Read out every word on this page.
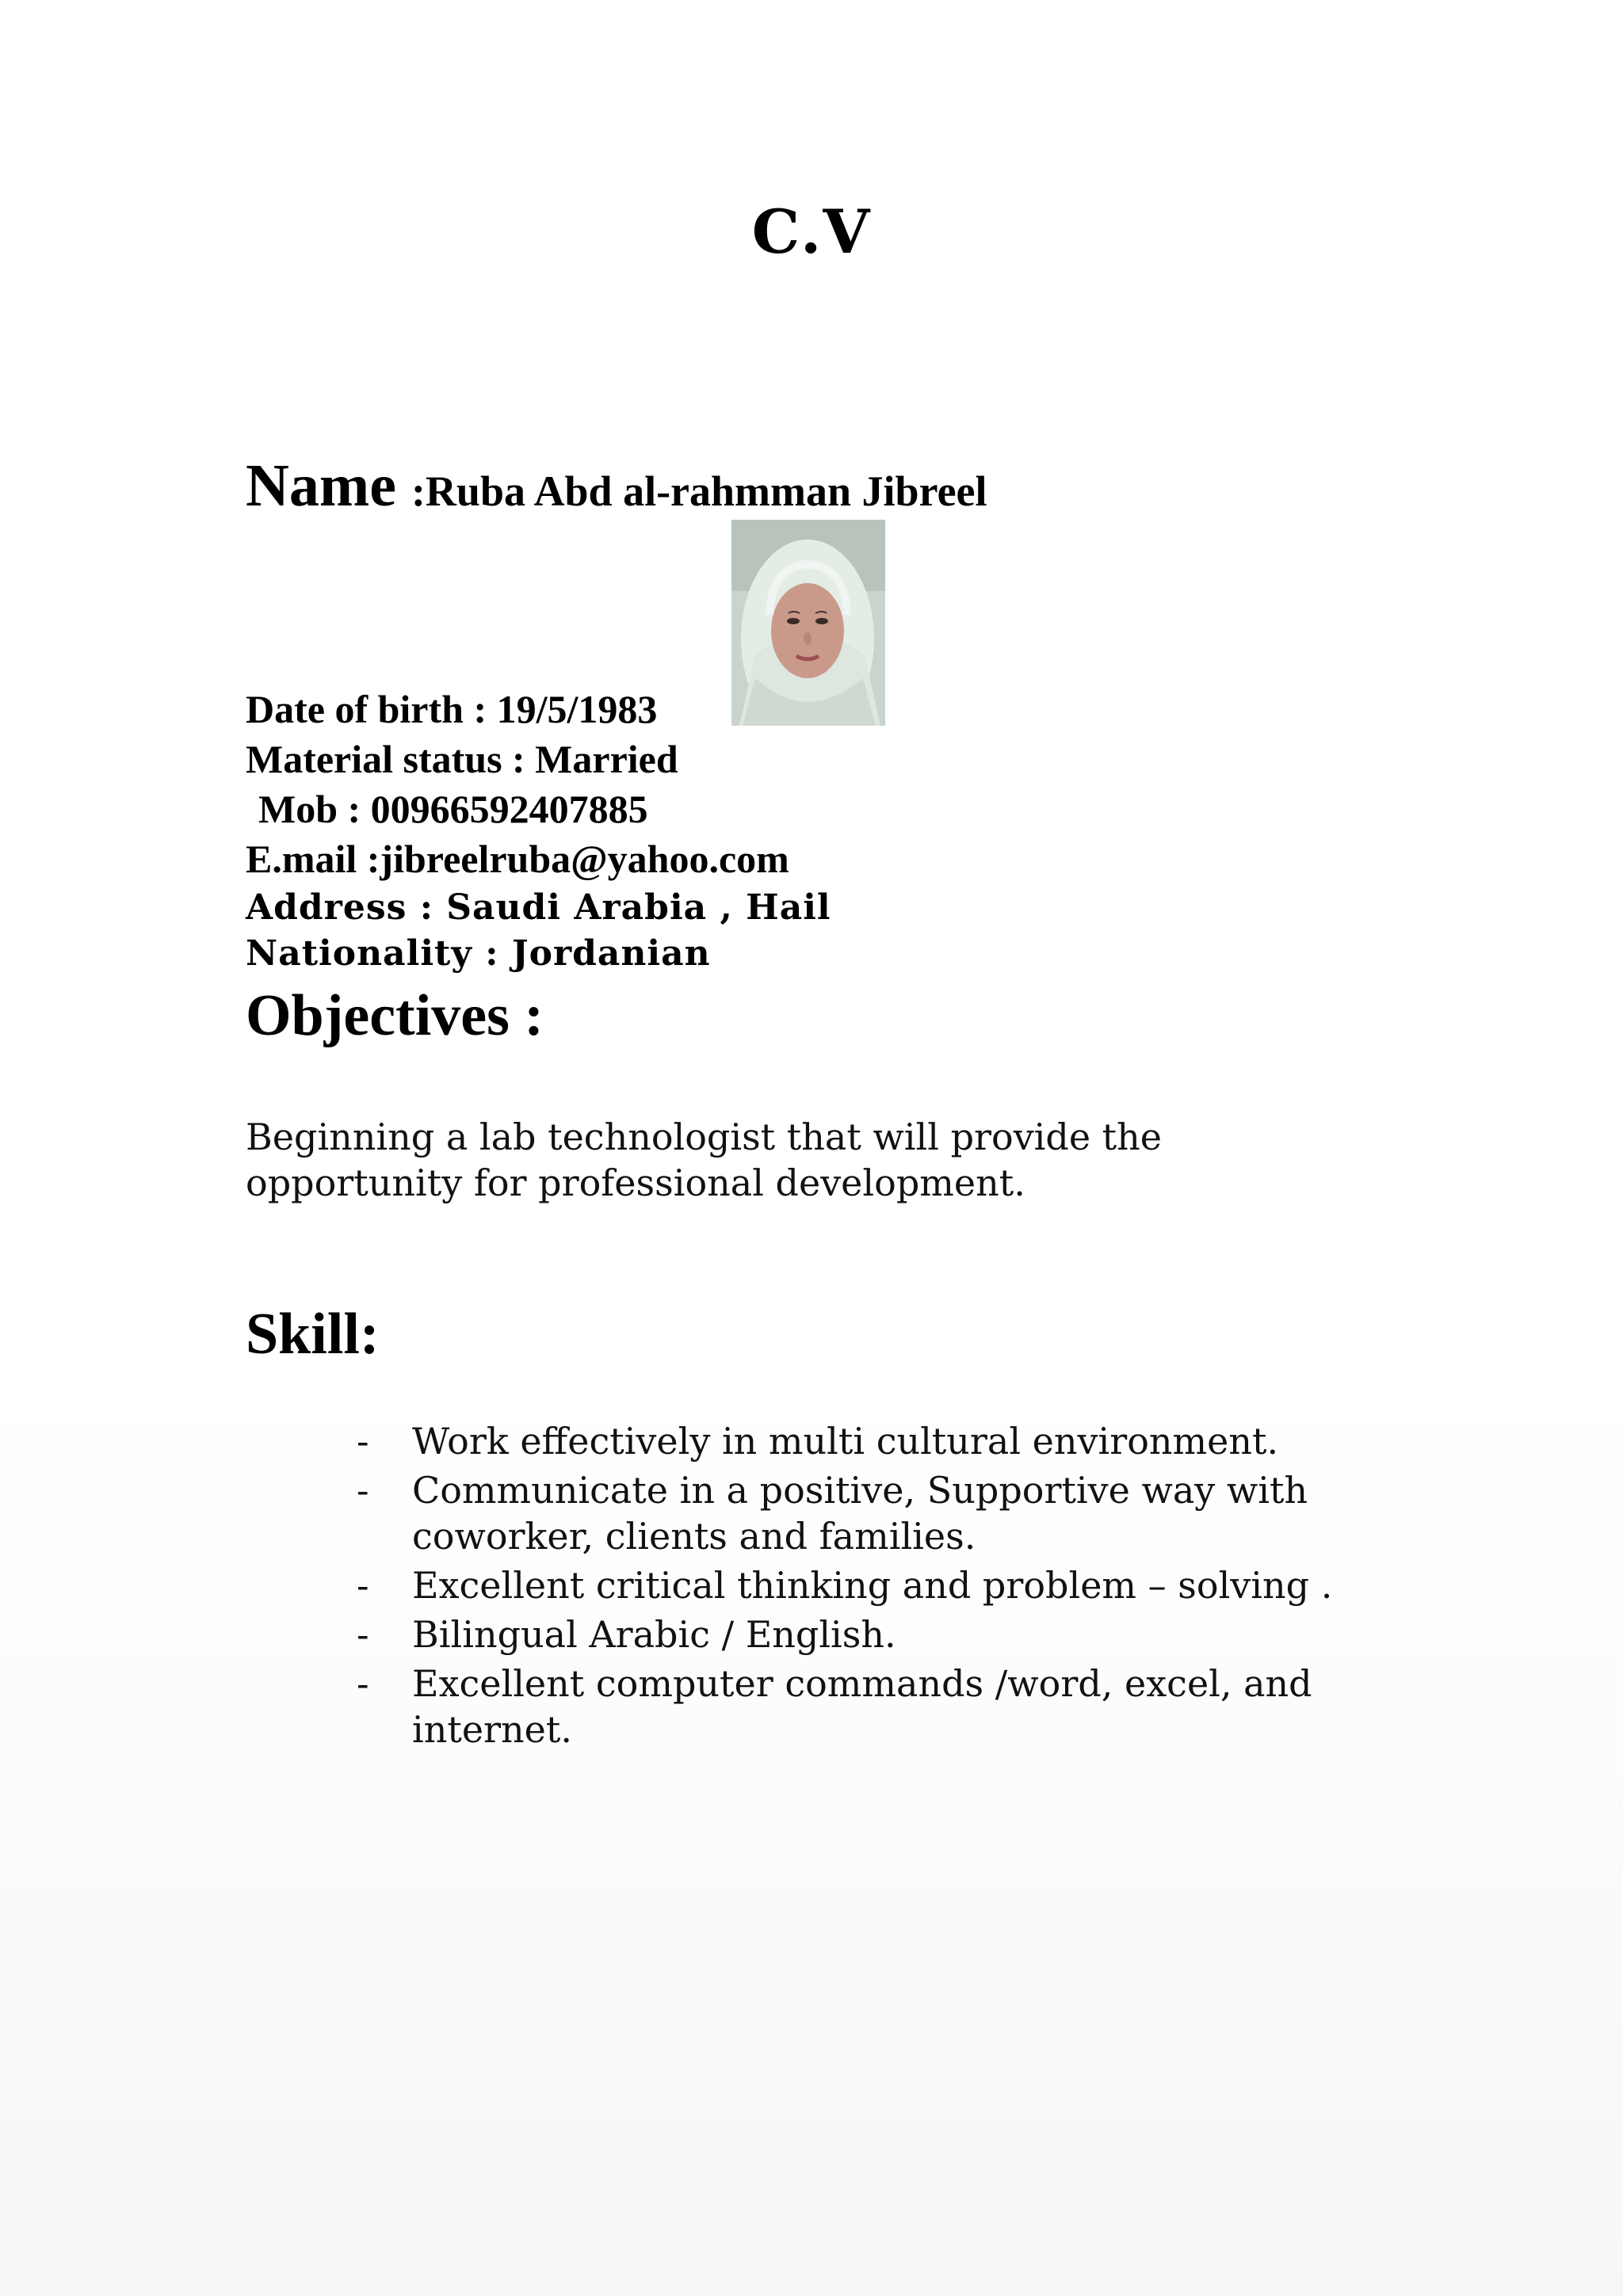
C.V
Name :Ruba Abd al-rahmman Jibreel
Date of birth : 19/5/1983
Material status : Married
Mob : 00966592407885
E.mail :jibreelruba@yahoo.com
Address : Saudi Arabia , Hail
Nationality : Jordanian
Objectives :
Beginning a lab technologist that will provide the opportunity for professional development.
Skill:
- Work effectively in multi cultural environment.
- Communicate in a positive, Supportive way with coworker, clients and families.
- Excellent critical thinking and problem – solving .
- Bilingual Arabic / English.
- Excellent computer commands /word, excel, and internet.
